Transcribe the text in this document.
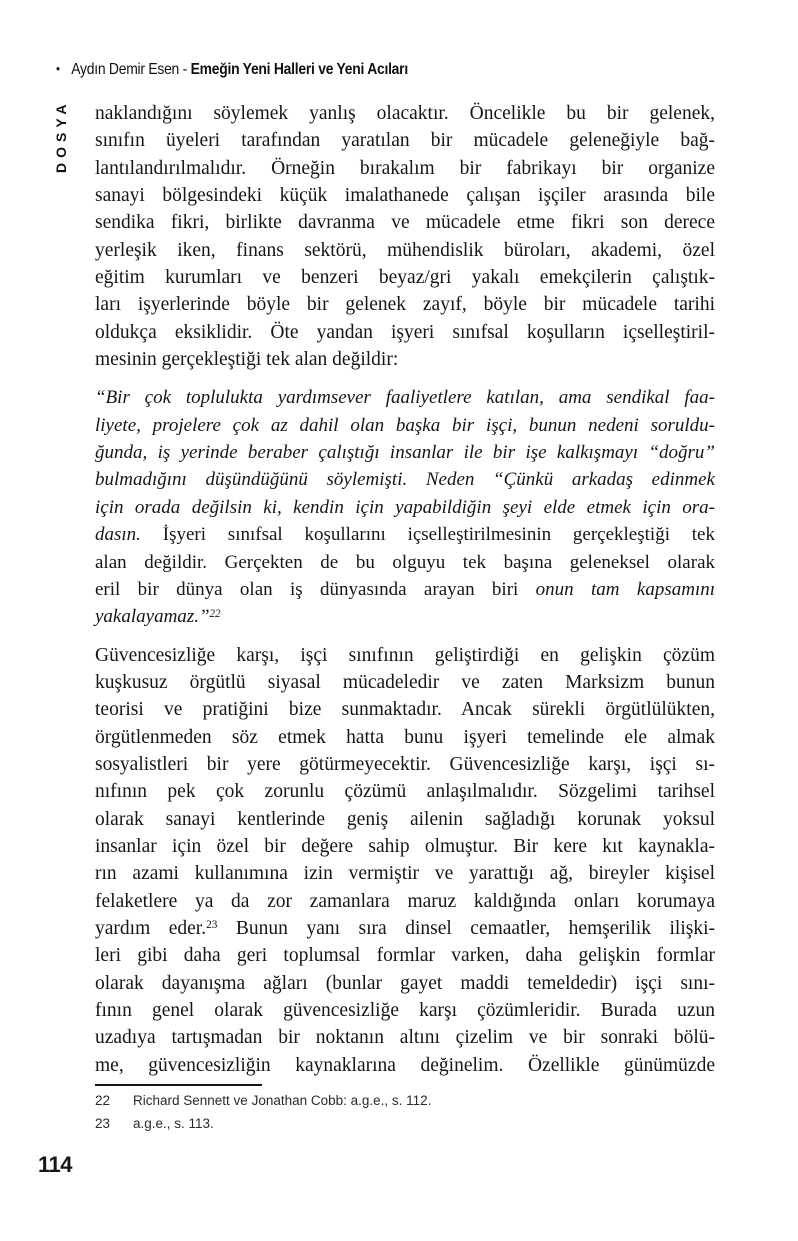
• Aydın Demir Esen - Emeğin Yeni Halleri ve Yeni Acıları
DOSYA naklandığını söylemek yanlış olacaktır. Öncelikle bu bir gelenek,
sınıfın üyeleri tarafından yaratılan bir mücadele geleneğiyle bağ-
lantılandırılmalıdır. Örneğin bırakalım bir fabrikayı bir organize
sanayi bölgesindeki küçük imalathanede çalışan işçiler arasında bile
sendika fikri, birlikte davranma ve mücadele etme fikri son derece
yerleşik iken, finans sektörü, mühendislik büroları, akademi, özel
eğitim kurumları ve benzeri beyaz/gri yakalı emekçilerin çalıştık-
ları işyerlerinde böyle bir gelenek zayıf, böyle bir mücadele tarihi
oldukça eksiklidir. Öte yandan işyeri sınıfsal koşulların içselleştiril-
mesinin gerçekleştiği tek alan değildir:
“Bir çok toplulukta yardımsever faaliyetlere katılan, ama sendikal faa-
liyete, projelere çok az dahil olan başka bir işçi, bunun nedeni soruldu-
ğunda, iş yerinde beraber çalıştığı insanlar ile bir işe kalkışmayı “doğru”
bulmadığını düşündüğünü söylemişti. Neden “Çünkü arkadaş edinmek
için orada değilsin ki, kendin için yapabildiğin şeyi elde etmek için ora-
dasın. İşyeri sınıfsal koşullarını içselleştirilmesinin gerçekleştiği tek
alan değildir. Gerçekten de bu olguyu tek başına geleneksel olarak
eril bir dünya olan iş dünyasında arayan biri onun tam kapsamını
yakalayamaz.”$^{22}$
Güvencesizliğe karşı, işçi sınıfının geliştirdiği en gelişkin çözüm
kuşkusuz örgütlü siyasal mücadeledir ve zaten Marksizm bunun
teorisi ve pratiğini bize sunmaktadır. Ancak sürekli örgütlülükten,
örgütlenmeden söz etmek hatta bunu işyeri temelinde ele almak
sosyalistleri bir yere götürmeyecektir. Güvencesizliğe karşı, işçi sı-
nıfının pek çok zorunlu çözümü anlaşılmalıdır. Sözgelimi tarihsel
olarak sanayi kentlerinde geniş ailenin sağladığı korunak yoksul
insanlar için özel bir değere sahip olmuştur. Bir kere kıt kaynakla-
rın azami kullanımına izin vermiştir ve yarattığı ağ, bireyler kişisel
felaketlere ya da zor zamanlara maruz kaldığında onları korumaya
yardım eder.$^{23}$ Bunun yanı sıra dinsel cemaatler, hemşerilik ilişki-
leri gibi daha geri toplumsal formlar varken, daha gelişkin formlar
olarak dayanışma ağları (bunlar gayet maddi temeldedir) işçi sını-
fının genel olarak güvencesizliğe karşı çözümleridir. Burada uzun
uzadıya tartışmadan bir noktanın altını çizelim ve bir sonraki bölü-
me, güvencesizliğin kaynaklarına değinelim. Özellikle günümüzde
22	Richard Sennett ve Jonathan Cobb: a.g.e., s. 112.
23	a.g.e., s. 113.
114
